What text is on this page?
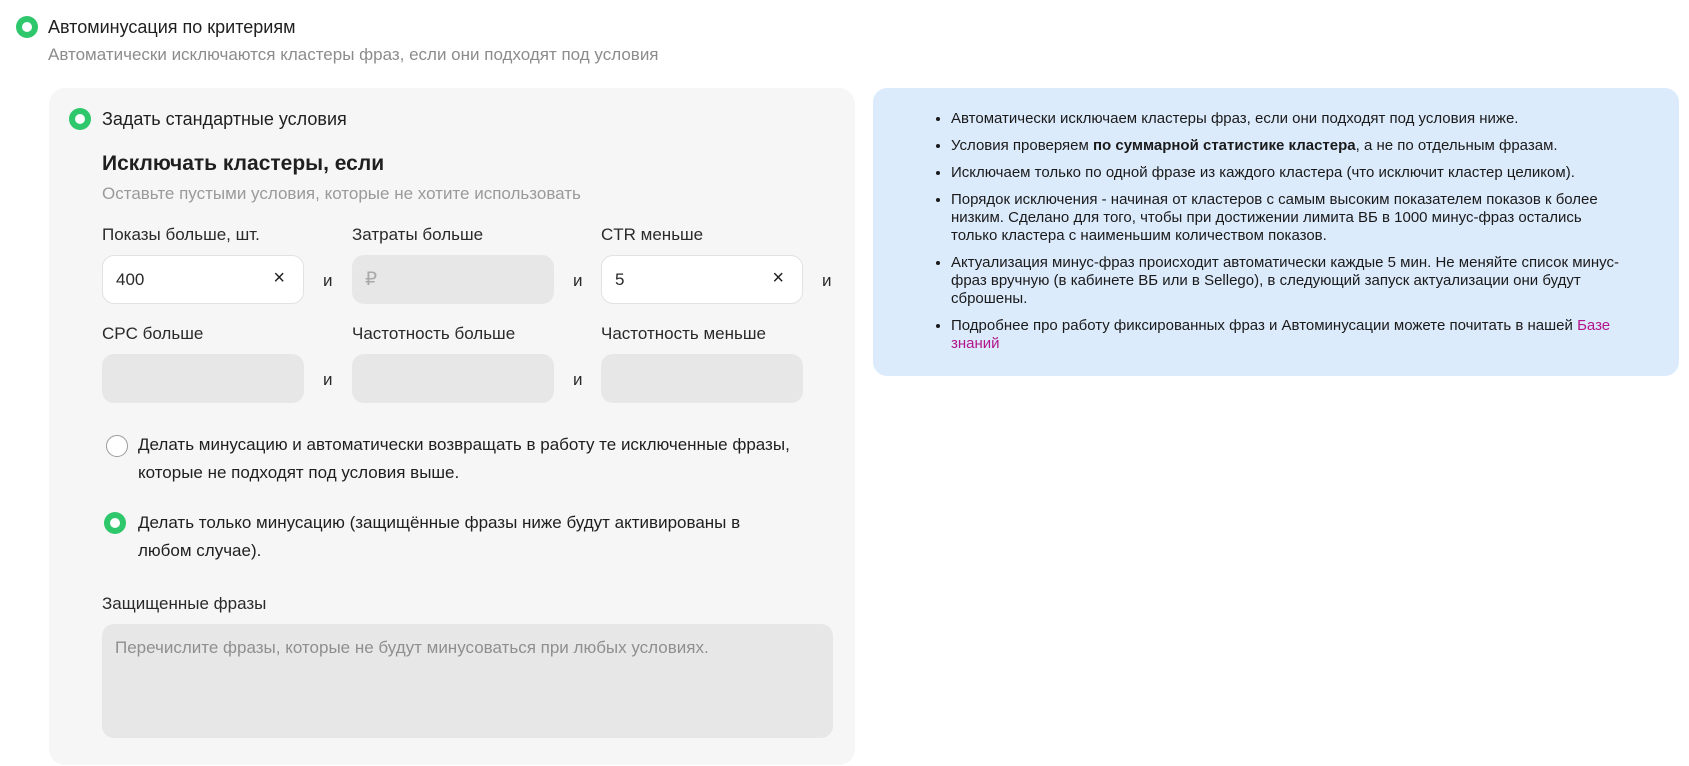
Автоминусация по критериям
Автоматически исключаются кластеры фраз, если они подходят под условия
Задать стандартные условия
Исключать кластеры, если
Оставьте пустыми условия, которые не хотите использовать
Показы больше, шт.
400	× и
Затраты больше
₽	и
CTR меньше
5	× и
CPC больше
и
Частотность больше
и
Частотность меньше
Делать минусацию и автоматически возвращать в работу те исключенные фразы,
которые не подходят под условия выше.
Делать только минусацию (защищённые фразы ниже будут активированы в
любом случае).
Защищенные фразы
Перечислите фразы, которые не будут минусоваться при любых условиях.
• Автоматически исключаем кластеры фраз, если они подходят под условия ниже.
• Условия проверяем по суммарной статистике кластера, а не по отдельным фразам.
• Исключаем только по одной фразе из каждого кластера (что исключит кластер целиком).
• Порядок исключения - начиная от кластеров с самым высоким показателем показов к более
низким. Сделано для того, чтобы при достижении лимита ВБ в 1000 минус-фраз остались
только кластера с наименьшим количеством показов.
• Актуализация минус-фраз происходит автоматически каждые 5 мин. Не меняйте список минус-
фраз вручную (в кабинете ВБ или в Sellego), в следующий запуск актуализации они будут
сброшены.
• Подробнее про работу фиксированных фраз и Автоминусации можете почитать в нашей Базе
знаний
